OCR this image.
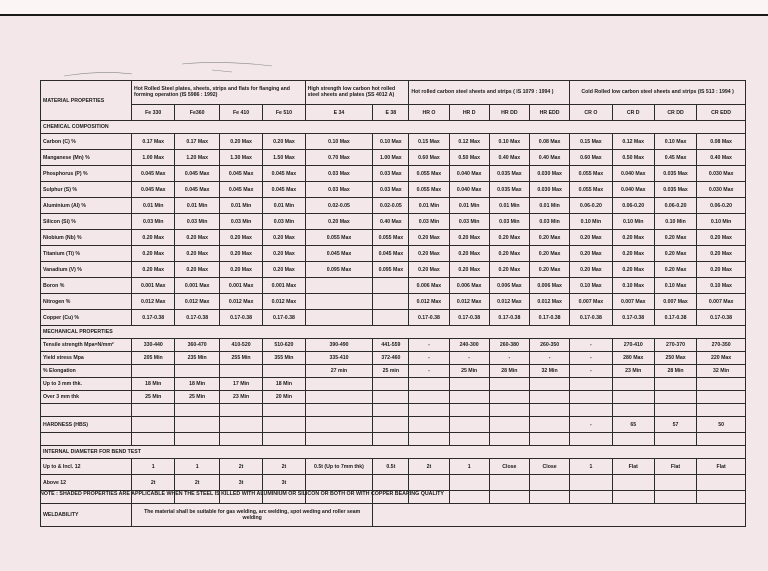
MATERIAL PROPERTIES	Hot Rolled Steel plates, sheets, strips and flats for flanging and forming operation (IS 5986 : 1992)				High strength low carbon hot rolled steel sheets and plates (SS 4012 A)		Hot rolled carbon steel sheets and strips ( IS 1079 : 1994 )				Cold Rolled low carbon steel sheets and strips (IS 513 : 1994 )			
	Fe 330	Fe360	Fe 410	Fe 510	E 34	E 38	HR O	HR D	HR DD	HR EDD	CR O	CR D	CR DD	CR EDD
CHEMICAL COMPOSITION														
Carbon (C) %	0.17 Max	0.17 Max	0.20 Max	0.20 Max	0.10 Max	0.10 Max	0.15 Max	0.12 Max	0.10 Max	0.08 Max	0.15 Max	0.12 Max	0.10 Max	0.08 Max
Manganese (Mn) %	1.00 Max	1.20 Max	1.30 Max	1.50 Max	0.70 Max	1.00 Max	0.60 Max	0.50 Max	0.40 Max	0.40 Max	0.60 Max	0.50 Max	0.45 Max	0.40 Max
Phosphorus (P) %	0.045 Max	0.045 Max	0.045 Max	0.045 Max	0.03 Max	0.03 Max	0.055 Max	0.040 Max	0.035 Max	0.030 Max	0.055 Max	0.040 Max	0.035 Max	0.030 Max
Sulphur (S) %	0.045 Max	0.045 Max	0.045 Max	0.045 Max	0.03 Max	0.03 Max	0.055 Max	0.040 Max	0.035 Max	0.030 Max	0.055 Max	0.040 Max	0.035 Max	0.030 Max
Aluminium (Al) %	0.01 Min	0.01 Min	0.01 Min	0.01 Min	0.02-0.05	0.02-0.05	0.01 Min	0.01 Min	0.01 Min	0.01 Min	0.06-0.20	0.06-0.20	0.06-0.20	0.06-0.20
Silicon (Si) %	0.03 Min	0.03 Min	0.03 Min	0.03 Min	0.20 Max	0.40 Max	0.03 Min	0.03 Min	0.03 Min	0.03 Min	0.10 Min	0.10 Min	0.10 Min	0.10 Min
Niobium (Nb) %	0.20 Max	0.20 Max	0.20 Max	0.20 Max	0.055 Max	0.055 Max	0.20 Max	0.20 Max	0.20 Max	0.20 Max	0.20 Max	0.20 Max	0.20 Max	0.20 Max
Titanium (Ti) %	0.20 Max	0.20 Max	0.20 Max	0.20 Max	0.045 Max	0.045 Max	0.20 Max	0.20 Max	0.20 Max	0.20 Max	0.20 Max	0.20 Max	0.20 Max	0.20 Max
Vanadium (V) %	0.20 Max	0.20 Max	0.20 Max	0.20 Max	0.095 Max	0.095 Max	0.20 Max	0.20 Max	0.20 Max	0.20 Max	0.20 Max	0.20 Max	0.20 Max	0.20 Max
Boron %	0.001 Max	0.001 Max	0.001 Max	0.001 Max			0.006 Max	0.006 Max	0.006 Max	0.006 Max	0.10 Max	0.10 Max	0.10 Max	0.10 Max
Nitrogen %	0.012 Max	0.012 Max	0.012 Max	0.012 Max			0.012 Max	0.012 Max	0.012 Max	0.012 Max	0.007 Max	0.007 Max	0.007 Max	0.007 Max
Copper (Cu) %	0.17-0.38	0.17-0.38	0.17-0.38	0.17-0.38			0.17-0.38	0.17-0.38	0.17-0.38	0.17-0.38	0.17-0.38	0.17-0.38	0.17-0.38	0.17-0.38
MECHANICAL PROPERTIES														
Tensile strength Mpa=N/mm²	330-440	360-470	410-520	510-620	390-490	441-559	-	240-300	260-380	260-350	-	270-410	270-370	270-350
Yield stress Mpa	205 Min	235 Min	255 Min	355 Min	335-410	372-460	-	-	-	-	-	280 Max	250 Max	220 Max
% Elongation					27 min	25 min	-	25 Min	28 Min	32 Min	-	23 Min	28 Min	32 Min
Up to 3 mm thk.	18 Min	18 Min	17 Min	18 Min										
Over 3 mm thk	25 Min	25 Min	23 Min	20 Min										

HARDNESS (HBS)											-	65	57	50

INTERNAL DIAMETER FOR BEND TEST														
Up to & Incl. 12	1	1	2t	2t	0.5t (Up to 7mm thk)	0.5t	2t	1	Close	Close	1	Flat	Flat	Flat
Above 12	2t	2t	3t	3t										

WELDABILITY	The material shall be suitable for gas welding, arc welding, spot weding and roller seam welding													
NOTE : SHADED PROPERTIES ARE APPLICABLE WHEN THE STEEL IS KILLED WITH ALUMINIUM OR SILICON OR BOTH OR WITH COPPER BEARING QUALITY
